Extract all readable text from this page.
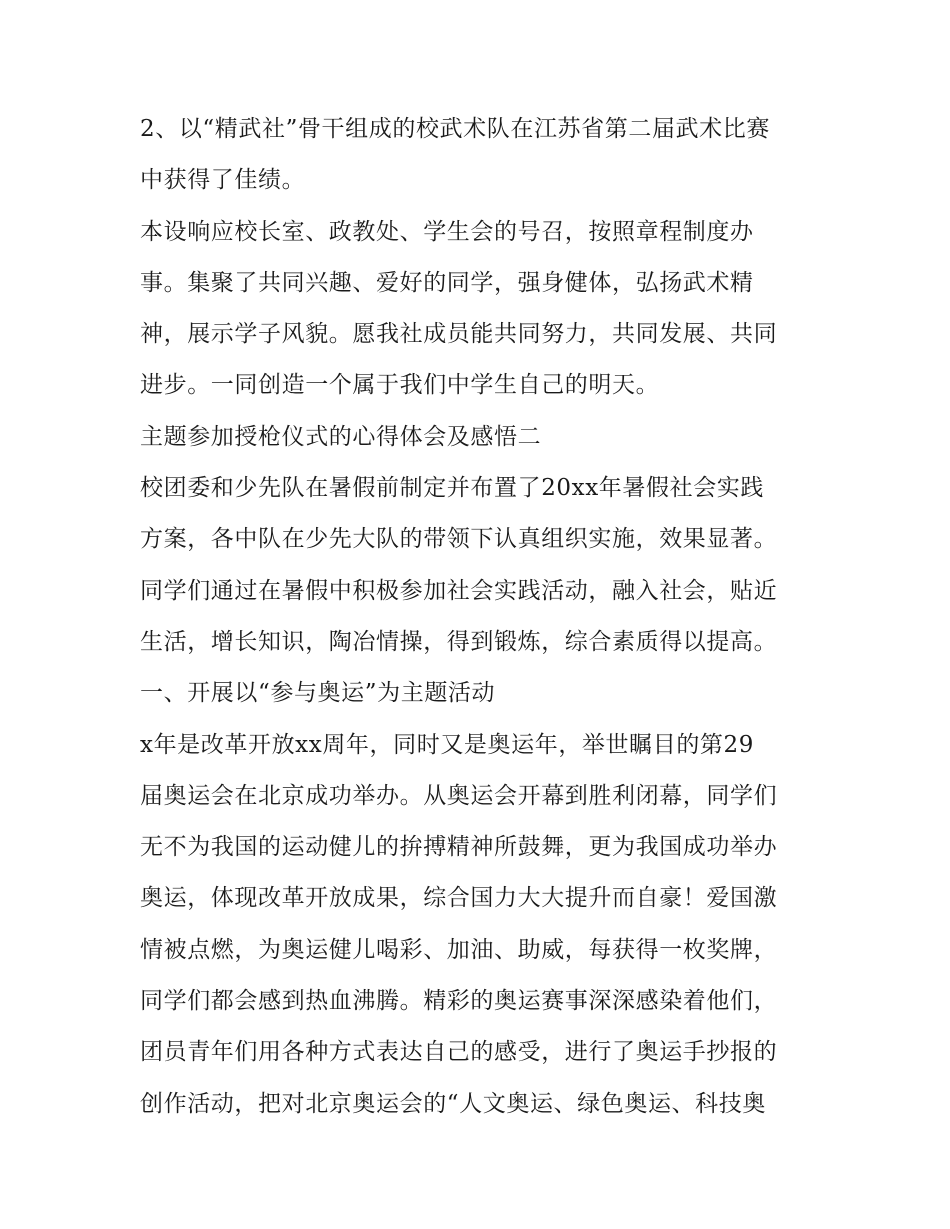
2、以“精武社”骨干组成的校武术队在江苏省第二届武术比赛
中获得了佳绩。
本设响应校长室、政教处、学生会的号召，按照章程制度办
事。集聚了共同兴趣、爱好的同学，强身健体，弘扬武术精
神，展示学子风貌。愿我社成员能共同努力，共同发展、共同
进步。一同创造一个属于我们中学生自己的明天。
主题参加授枪仪式的心得体会及感悟二
校团委和少先队在暑假前制定并布置了20xx年暑假社会实践
方案，各中队在少先大队的带领下认真组织实施，效果显著。
同学们通过在暑假中积极参加社会实践活动，融入社会，贴近
生活，增长知识，陶冶情操，得到锻炼，综合素质得以提高。
一、开展以“参与奥运”为主题活动
x年是改革开放xx周年，同时又是奥运年，举世瞩目的第29
届奥运会在北京成功举办。从奥运会开幕到胜利闭幕，同学们
无不为我国的运动健儿的拚搏精神所鼓舞，更为我国成功举办
奥运，体现改革开放成果，综合国力大大提升而自豪！爱国激
情被点燃，为奥运健儿喝彩、加油、助威，每获得一枚奖牌，
同学们都会感到热血沸腾。精彩的奥运赛事深深感染着他们，
团员青年们用各种方式表达自己的感受，进行了奥运手抄报的
创作活动，把对北京奥运会的“人文奥运、绿色奥运、科技奥
